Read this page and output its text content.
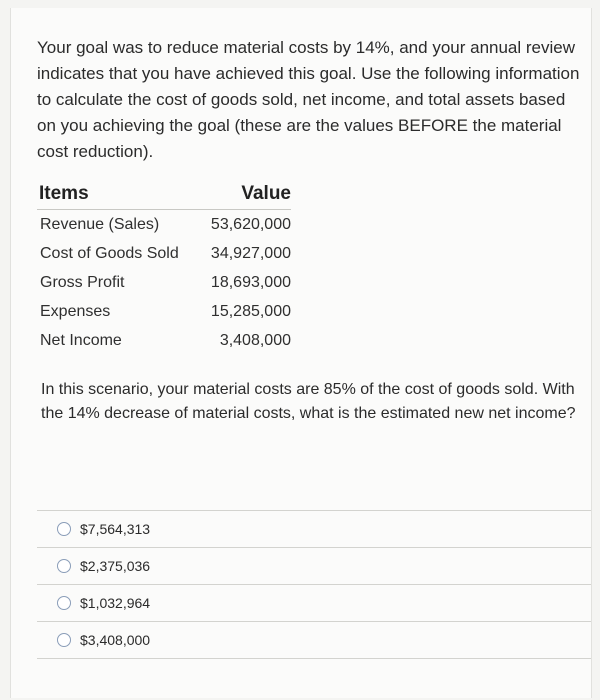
Your goal was to reduce material costs by 14%, and your annual review indicates that you have achieved this goal. Use the following information to calculate the cost of goods sold, net income, and total assets based on you achieving the goal (these are the values BEFORE the material cost reduction).
Items	Value
Revenue (Sales)	53,620,000
Cost of Goods Sold	34,927,000
Gross Profit	18,693,000
Expenses	15,285,000
Net Income	3,408,000
In this scenario, your material costs are 85% of the cost of goods sold. With the 14% decrease of material costs, what is the estimated new net income?
$7,564,313
$2,375,036
$1,032,964
$3,408,000
